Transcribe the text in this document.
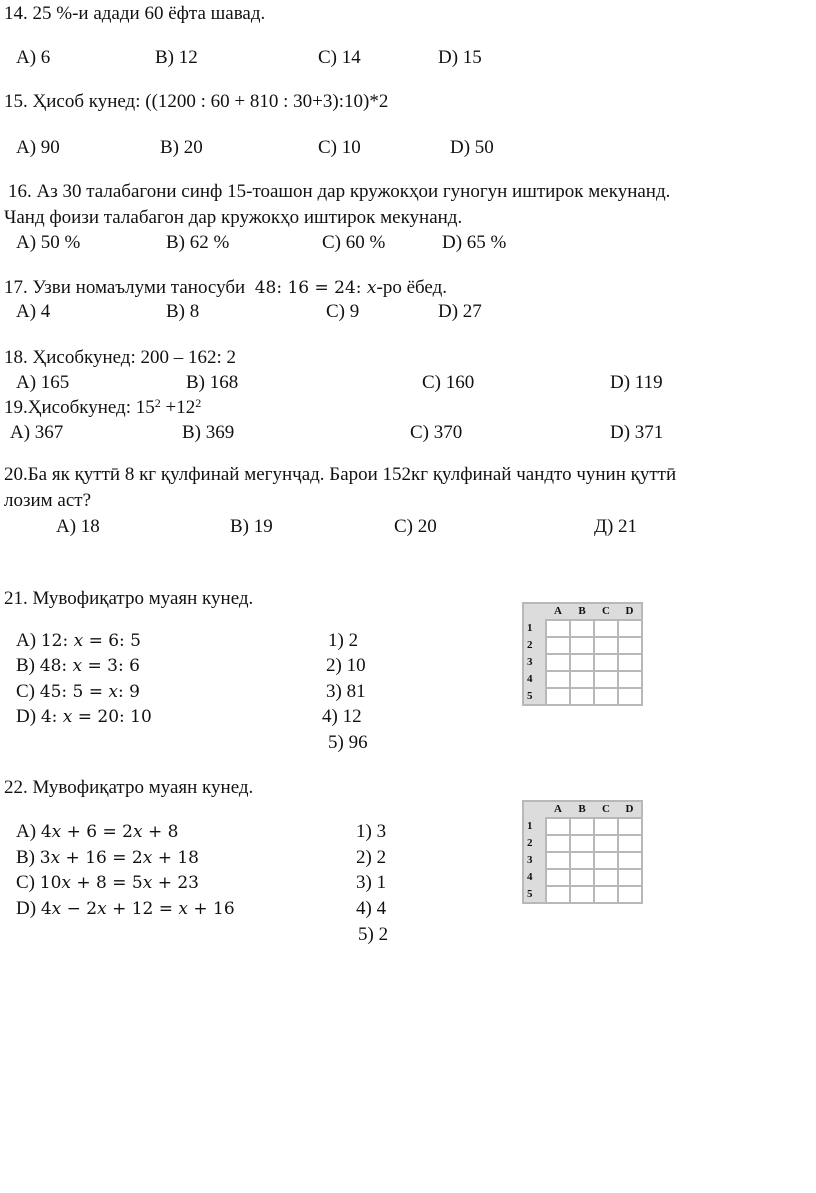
14. 25 %-и адади 60 ёфта шавад.
A) 6	B) 12	C) 14	D) 15
15. Ҳисоб кунед: ((1200 : 60 + 810 : 30+3):10)*2
A) 90	B) 20	C) 10	D) 50
16. Аз 30 талабагони синф 15-тоашон дар кружокҳои гуногун иштирок мекунанд.
Чанд фоизи талабагон дар кружокҳо иштирок мекунанд.
A) 50 %	B) 62 %	C) 60 %	D) 65 %
17. Узви номаълуми таносуби 48: 16 = 24: 𝑥-ро ёбед.
A) 4	B) 8	C) 9	D) 27
18. Ҳисобкунед: 200 – 162: 2
A) 165	B) 168	C) 160	D) 119
19.Ҳисобкунед: $15^2 +12^2$
A) 367	B) 369	C) 370	D) 371
20.Ба як қуттӣ 8 кг қулфинай мегунҷад. Барои 152кг қулфинай чандто чунин қуттӣ
лозим аст?
A) 18	B) 19	C) 20	Д) 21
21. Мувофиқатро муаян кунед.
A) 12: 𝑥 = 6: 5
B) 48: 𝑥 = 3: 6
C) 45: 5 = 𝑥: 9
D) 4: 𝑥 = 20: 10
1) 2
2) 10
3) 81
4) 12
5) 96
	A	B	C	D
1				
2				
3				
4				
5				
22. Мувофиқатро муаян кунед.
A) 4𝑥 + 6 = 2𝑥 + 8
B) 3𝑥 + 16 = 2𝑥 + 18
C) 10𝑥 + 8 = 5𝑥 + 23
D) 4𝑥 − 2𝑥 + 12 = 𝑥 + 16
1) 3
2) 2
3) 1
4) 4
5) 2
	A	B	C	D
1				
2				
3				
4				
5				
